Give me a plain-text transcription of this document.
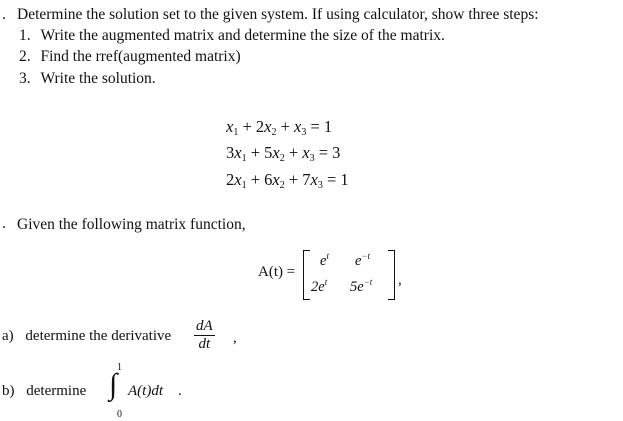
. Determine the solution set to the given system. If using calculator, show three steps:
1. Write the augmented matrix and determine the size of the matrix.
2. Find the rref(augmented matrix)
3. Write the solution.
$x_1 + 2x_2 + x_3 = 1$
$3x_1 + 5x_2 + x_3 = 3$
$2x_1 + 6x_2 + 7x_3 = 1$
. Given the following matrix function,
A(t) =
$e^t$ $e^{-t}$
$2e^t$ $5e^{-t}$ ,
a) determine the derivative $\frac{dA}{dt}$ ,
b) determine
1
∫
0
A(t)dt .
